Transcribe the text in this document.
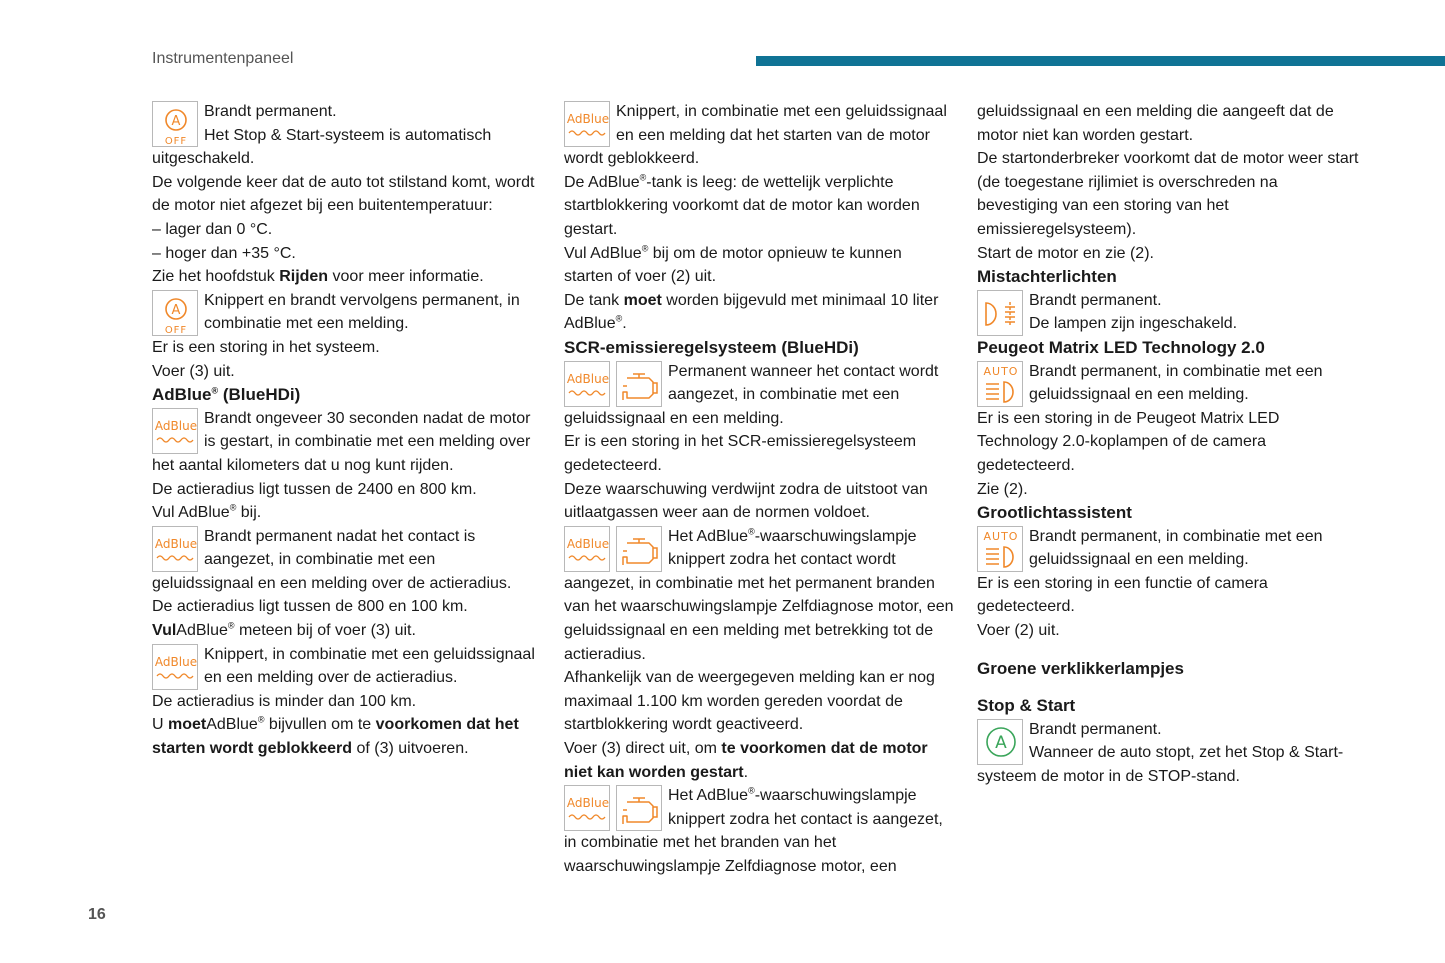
Instrumentenpaneel
A
OFF

Brandt permanent.

Het Stop & Start-systeem is automatisch uitgeschakeld.

De volgende keer dat de auto tot stilstand komt, wordt de motor niet afgezet bij een buitentemperatuur:

– lager dan 0 °C.

– hoger dan +35 °C.

Zie het hoofdstuk Rijden voor meer informatie.

A
OFF

Knippert en brandt vervolgens permanent, in combinatie met een melding.

Er is een storing in het systeem.

Voer (3) uit.

AdBlue® (BlueHDi)

AdBlue Brandt ongeveer 30 seconden nadat de motor is gestart, in combinatie met een melding over het aantal kilometers dat u nog kunt rijden.

De actieradius ligt tussen de 2400 en 800 km.

Vul AdBlue® bij.

AdBlue Brandt permanent nadat het contact is aangezet, in combinatie met een geluidssignaal en een melding over de actieradius.

De actieradius ligt tussen de 800 en 100 km.

VulAdBlue® meteen bij of voer (3) uit.

AdBlue Knippert, in combinatie met een geluidssignaal en een melding over de actieradius.

De actieradius is minder dan 100 km.

U moetAdBlue® bijvullen om te voorkomen dat het starten wordt geblokkeerd of (3) uitvoeren.

AdBlue Knippert, in combinatie met een geluidssignaal en een melding dat het starten van de motor wordt geblokkeerd.

De AdBlue®-tank is leeg: de wettelijk verplichte startblokkering voorkomt dat de motor kan worden gestart.

Vul AdBlue® bij om de motor opnieuw te kunnen starten of voer (2) uit.

De tank moet worden bijgevuld met minimaal 10 liter AdBlue®.

SCR-emissieregelsysteem (BlueHDi)

AdBlue	Permanent wanneer het contact wordt aangezet, in combinatie met een geluidssignaal en een melding.

Er is een storing in het SCR-emissieregelsysteem gedetecteerd.

Deze waarschuwing verdwijnt zodra de uitstoot van uitlaatgassen weer aan de normen voldoet.

AdBlue	Het AdBlue®-waarschuwingslampje knippert zodra het contact wordt aangezet, in combinatie met het permanent branden van het waarschuwingslampje Zelfdiagnose motor, een geluidssignaal en een melding met betrekking tot de actieradius.

Afhankelijk van de weergegeven melding kan er nog maximaal 1.100 km worden gereden voordat de startblokkering wordt geactiveerd.

Voer (3) direct uit, om te voorkomen dat de motor niet kan worden gestart.

AdBlue	Het AdBlue®-waarschuwingslampje knippert zodra het contact is aangezet, in combinatie met het branden van het waarschuwingslampje Zelfdiagnose motor, een

geluidssignaal en een melding die aangeeft dat de motor niet kan worden gestart.

De startonderbreker voorkomt dat de motor weer start (de toegestane rijlimiet is overschreden na bevestiging van een storing van het emissieregelsysteem).

Start de motor en zie (2).

Mistachterlichten

Brandt permanent.

De lampen zijn ingeschakeld.

Peugeot Matrix LED Technology 2.0

AUTO Brandt permanent, in combinatie met een geluidssignaal en een melding.

Er is een storing in de Peugeot Matrix LED Technology 2.0-koplampen of de camera gedetecteerd.

Zie (2).

Grootlichtassistent

AUTO Brandt permanent, in combinatie met een geluidssignaal en een melding.

Er is een storing in een functie of camera gedetecteerd.

Voer (2) uit.

Groene verklikkerlampjes

Stop & Start

A

Brandt permanent.

Wanneer de auto stopt, zet het Stop & Start-systeem de motor in de STOP-stand.

16
